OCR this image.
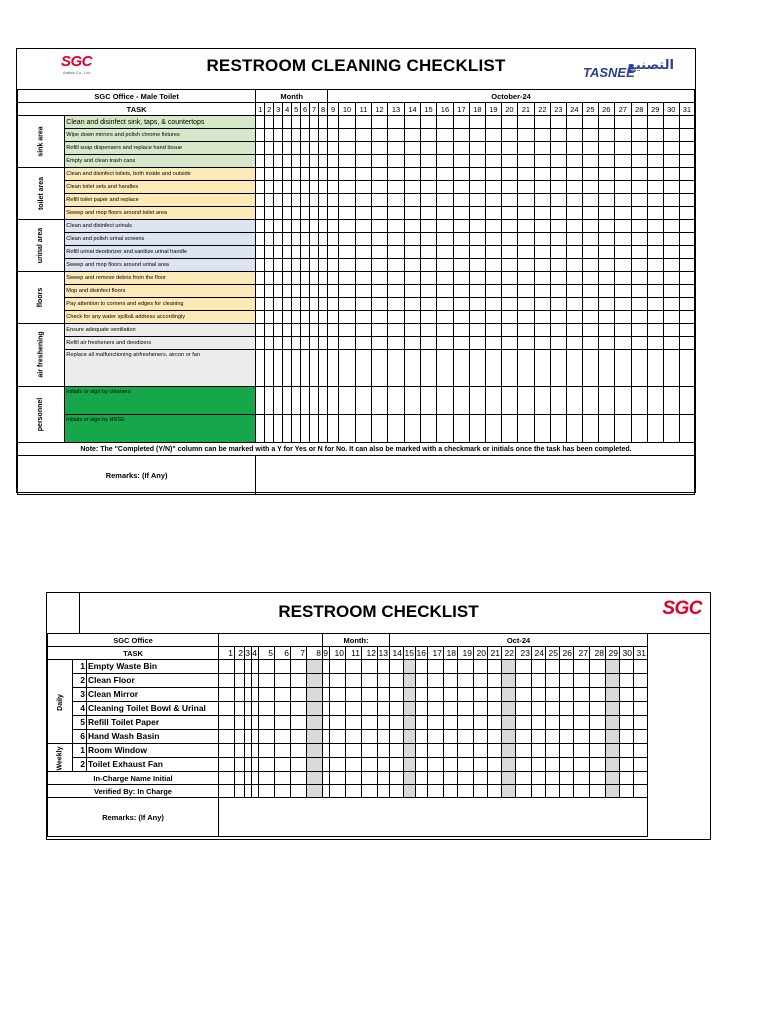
SGC
Arabia Co., Ltd.	RESTROOM CLEANING CHECKLIST	TASNEE
التصنيع
SGC Office - Male Toilet		Month								October-24																						
TASK		1	2	3	4	5	6	7	8	9	10	11	12	13	14	15	16	17	18	19	20	21	22	23	24	25	26	27	28	29	30	31
sink area	Clean and disinfect sink, taps, & countertops																															
	Wipe down mirrors and polish chrome fixtures																															
	Refill soap dispensers and replace hand tissue																															
	Empty and clean trash cans																															
toilet area	Clean and disinfect toilets, both inside and outside																															
	Clean toilet sets and handles																															
	Refill toilet paper and replace																															
	Sweep and mop floors around toilet area																															
urinal area	Clean and disinfect urinals																															
	Clean and polish urinal screens																															
	Refill urinal deodorizer and sanitize urinal handle																															
	Sweep and mop floors around urinal area																															
floors	Sweep and remove debris from the floor																															
	Mop and disinfect floors																															
	Pay attention to corners and edges for cleaning																															
	Check for any water spills& address accordingly																															
air freshening	Ensure adequate ventilation																															
	Refill air fresheners and deodizers																															
	Replace all malfunctioning airfresheners, aircon or fan																															
personnel	Initials or sign by cleaners																															
	Initials or sign by HSSE																															
Note: The "Completed (Y/N)" column can be marked with a Y for Yes or N for No. It can also be marked with a checkmark or initials once the task has been completed.																																
Remarks: (If Any)																																
RESTROOM CHECKLIST	SGC
SGC Office											Month:					Oct-24																	
TASK			1	2	3	4	5	6	7	8	9	10	11	12	13	14	15	16	17	18	19	20	21	22	23	24	25	26	27	28	29	30	31
Daily	1	Empty Waste Bin																															
	2	Clean Floor																															
	3	Clean Mirror																															
	4	Cleaning Toilet Bowl & Urinal																															
	5	Refill Toilet Paper																															
	6	Hand Wash Basin																															
Weekly	1	Room Window																															
	2	Toilet Exhaust Fan																															
In-Charge Name Initial																																	
Verified By: In Charge																																	
Remarks: (If Any)																																	
